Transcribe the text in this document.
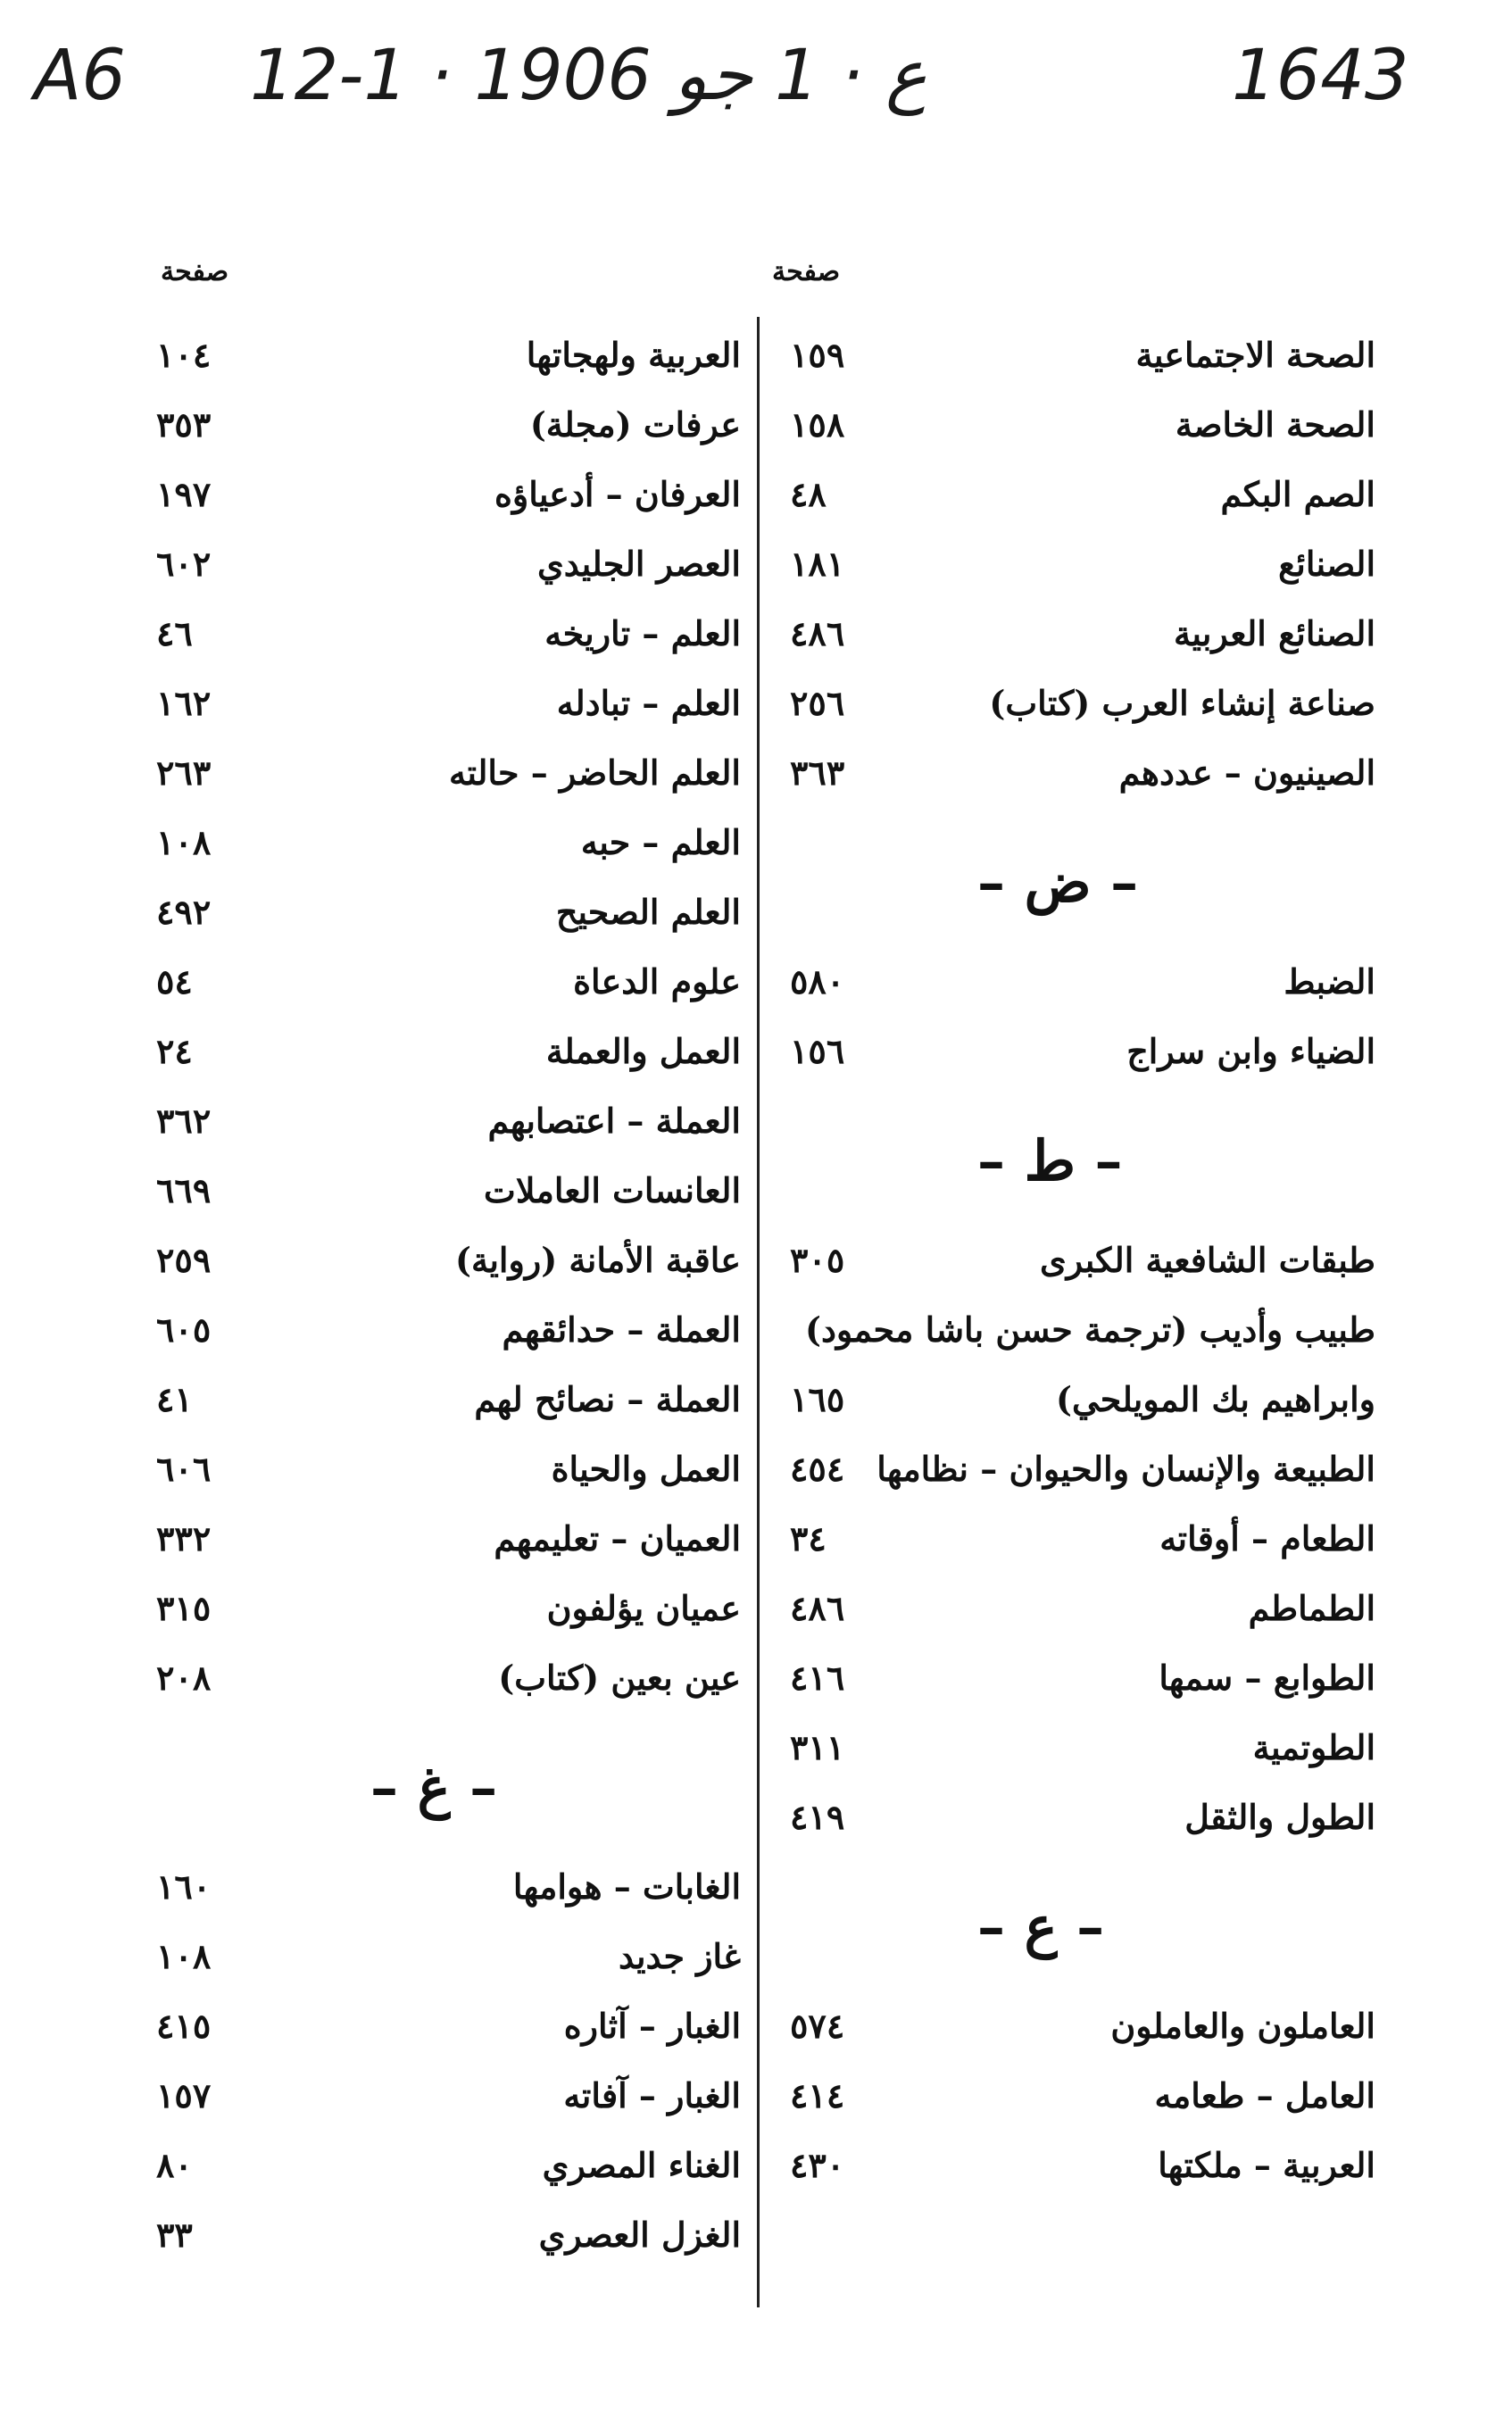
A6 12-1 · ع · 1 جو 1906	1643
صفحة
الصحة الاجتماعية
١٥٩
الصحة الخاصة
١٥٨
الصم البكم
٤٨
الصنائع
١٨١
الصنائع العربية
٤٨٦
صناعة إنشاء العرب (كتاب)
٢٥٦
الصينيون – عددهم
٣٦٣
– ض –
الضبط
٥٨٠
الضياء وابن سراج
١٥٦
– ط –
طبقات الشافعية الكبرى
٣٠٥
طبيب وأديب (ترجمة حسن باشا محمود)
وابراهيم بك المويلحي)
١٦٥
الطبيعة والإنسان والحيوان – نظامها
٤٥٤
الطعام – أوقاته
٣٤
الطماطم
٤٨٦
الطوابع – سمها
٤١٦
الطوتمية
٣١١
الطول والثقل
٤١٩
– ع –
العاملون والعاملون
٥٧٤
العامل – طعامه
٤١٤
العربية – ملكتها
٤٣٠
صفحة
العربية ولهجاتها
١٠٤
عرفات (مجلة)
٣٥٣
العرفان – أدعياؤه
١٩٧
العصر الجليدي
٦٠٢
العلم – تاريخه
٤٦
العلم – تبادله
١٦٢
العلم الحاضر – حالته
٢٦٣
العلم – حبه
١٠٨
العلم الصحيح
٤٩٢
علوم الدعاة
٥٤
العمل والعملة
٢٤
العملة – اعتصابهم
٣٦٢
العانسات العاملات
٦٦٩
عاقبة الأمانة (رواية)
٢٥٩
العملة – حدائقهم
٦٠٥
العملة – نصائح لهم
٤١
العمل والحياة
٦٠٦
العميان – تعليمهم
٣٣٢
عميان يؤلفون
٣١٥
عين بعين (كتاب)
٢٠٨
– غ –
الغابات – هوامها
١٦٠
غاز جديد
١٠٨
الغبار – آثاره
٤١٥
الغبار – آفاته
١٥٧
الغناء المصري
٨٠
الغزل العصري
٣٣
